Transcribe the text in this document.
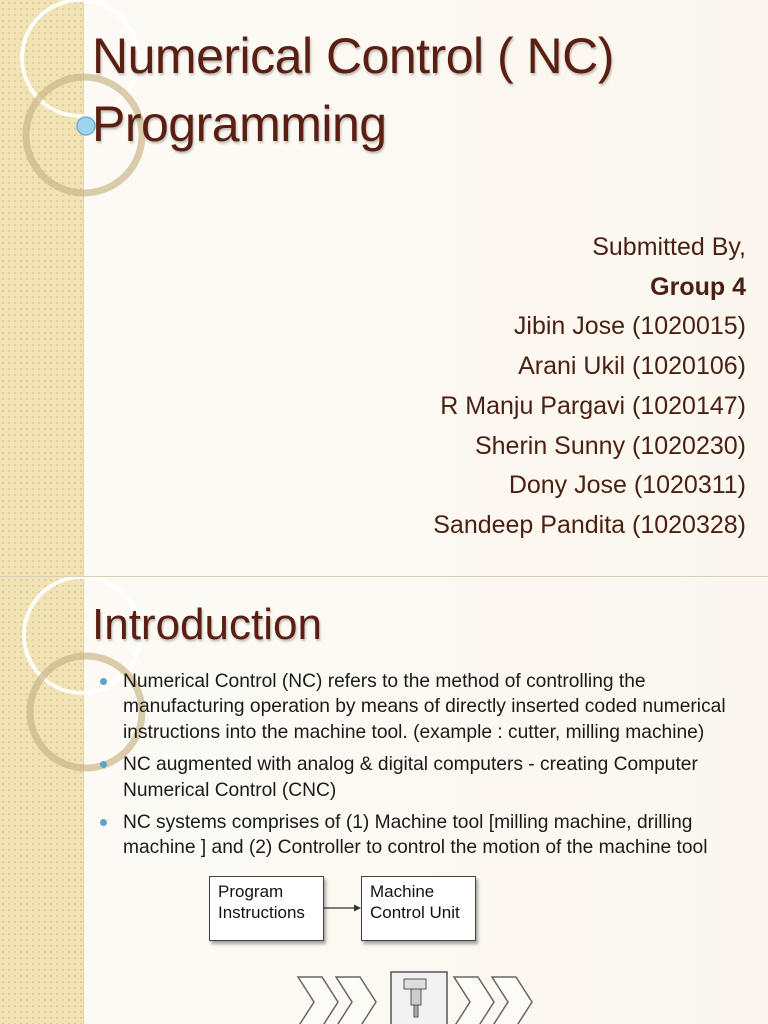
Numerical Control ( NC) Programming
Submitted By,
Group 4
Jibin Jose (1020015)
Arani Ukil (1020106)
R Manju Pargavi (1020147)
Sherin Sunny (1020230)
Dony Jose (1020311)
Sandeep Pandita (1020328)
Introduction
Numerical Control (NC) refers to the method of controlling the manufacturing operation by means of directly inserted coded numerical instructions into the machine tool. (example : cutter, milling machine)
NC augmented with analog & digital computers - creating Computer Numerical Control (CNC)
NC systems comprises of (1) Machine tool [milling machine, drilling machine ] and (2) Controller to control the motion of the machine tool
Program Instructions
Machine Control Unit
